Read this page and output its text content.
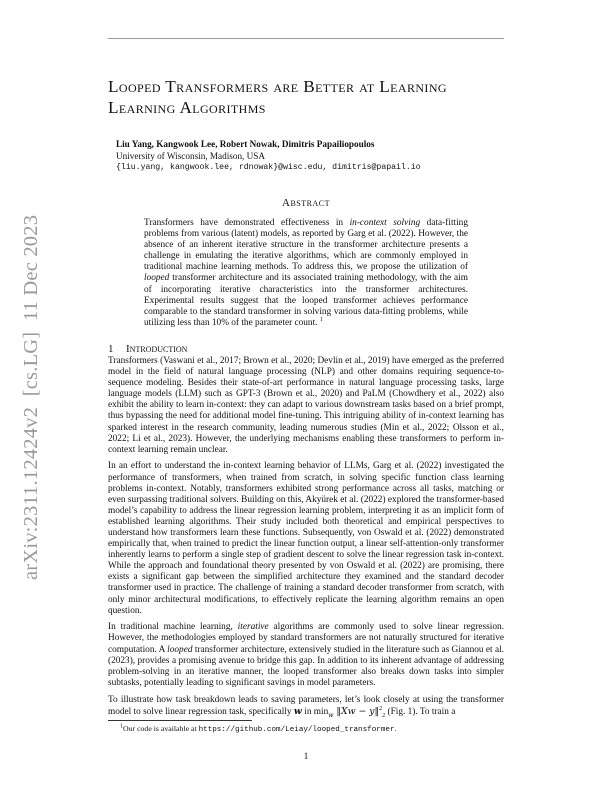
arXiv:2311.12424v2  [cs.LG]  11 Dec 2023
Looped Transformers are Better at Learning
Learning Algorithms
Liu Yang, Kangwook Lee, Robert Nowak, Dimitris Papailiopoulos
University of Wisconsin, Madison, USA
{liu.yang, kangwook.lee, rdnowak}@wisc.edu, dimitris@papail.io
Abstract
Transformers have demonstrated effectiveness in in-context solving data-fitting problems from various (latent) models, as reported by Garg et al. (2022). However, the absence of an inherent iterative structure in the transformer architecture presents a challenge in emulating the iterative algorithms, which are commonly employed in traditional machine learning methods. To address this, we propose the utilization of looped transformer architecture and its associated training methodology, with the aim of incorporating iterative characteristics into the transformer architectures. Experimental results suggest that the looped transformer achieves performance comparable to the standard transformer in solving various data-fitting problems, while utilizing less than 10% of the parameter count. $^1$
1 Introduction

Transformers (Vaswani et al., 2017; Brown et al., 2020; Devlin et al., 2019) have emerged as the preferred model in the field of natural language processing (NLP) and other domains requiring sequence-to-sequence modeling. Besides their state-of-art performance in natural language processing tasks, large language models (LLM) such as GPT-3 (Brown et al., 2020) and PaLM (Chowdhery et al., 2022) also exhibit the ability to learn in-context: they can adapt to various downstream tasks based on a brief prompt, thus bypassing the need for additional model fine-tuning. This intriguing ability of in-context learning has sparked interest in the research community, leading numerous studies (Min et al., 2022; Olsson et al., 2022; Li et al., 2023). However, the underlying mechanisms enabling these transformers to perform in-context learning remain unclear.

In an effort to understand the in-context learning behavior of LLMs, Garg et al. (2022) investigated the performance of transformers, when trained from scratch, in solving specific function class learning problems in-context. Notably, transformers exhibited strong performance across all tasks, matching or even surpassing traditional solvers. Building on this, Akyürek et al. (2022) explored the transformer-based model’s capability to address the linear regression learning problem, interpreting it as an implicit form of established learning algorithms. Their study included both theoretical and empirical perspectives to understand how transformers learn these functions. Subsequently, von Oswald et al. (2022) demonstrated empirically that, when trained to predict the linear function output, a linear self-attention-only transformer inherently learns to perform a single step of gradient descent to solve the linear regression task in-context. While the approach and foundational theory presented by von Oswald et al. (2022) are promising, there exists a significant gap between the simplified architecture they examined and the standard decoder transformer used in practice. The challenge of training a standard decoder transformer from scratch, with only minor architectural modifications, to effectively replicate the learning algorithm remains an open question.

In traditional machine learning, iterative algorithms are commonly used to solve linear regression. However, the methodologies employed by standard transformers are not naturally structured for iterative computation. A looped transformer architecture, extensively studied in the literature such as Giannou et al. (2023), provides a promising avenue to bridge this gap. In addition to its inherent advantage of addressing problem-solving in an iterative manner, the looped transformer also breaks down tasks into simpler subtasks, potentially leading to significant savings in model parameters.

To illustrate how task breakdown leads to saving parameters, let’s look closely at using the transformer model to solve linear regression task, specifically w in $\min_w$ ‖Xw − y‖$^2_2$ (Fig. 1). To train a

$^1$Our code is available at https://github.com/Leiay/looped_transformer.
1
